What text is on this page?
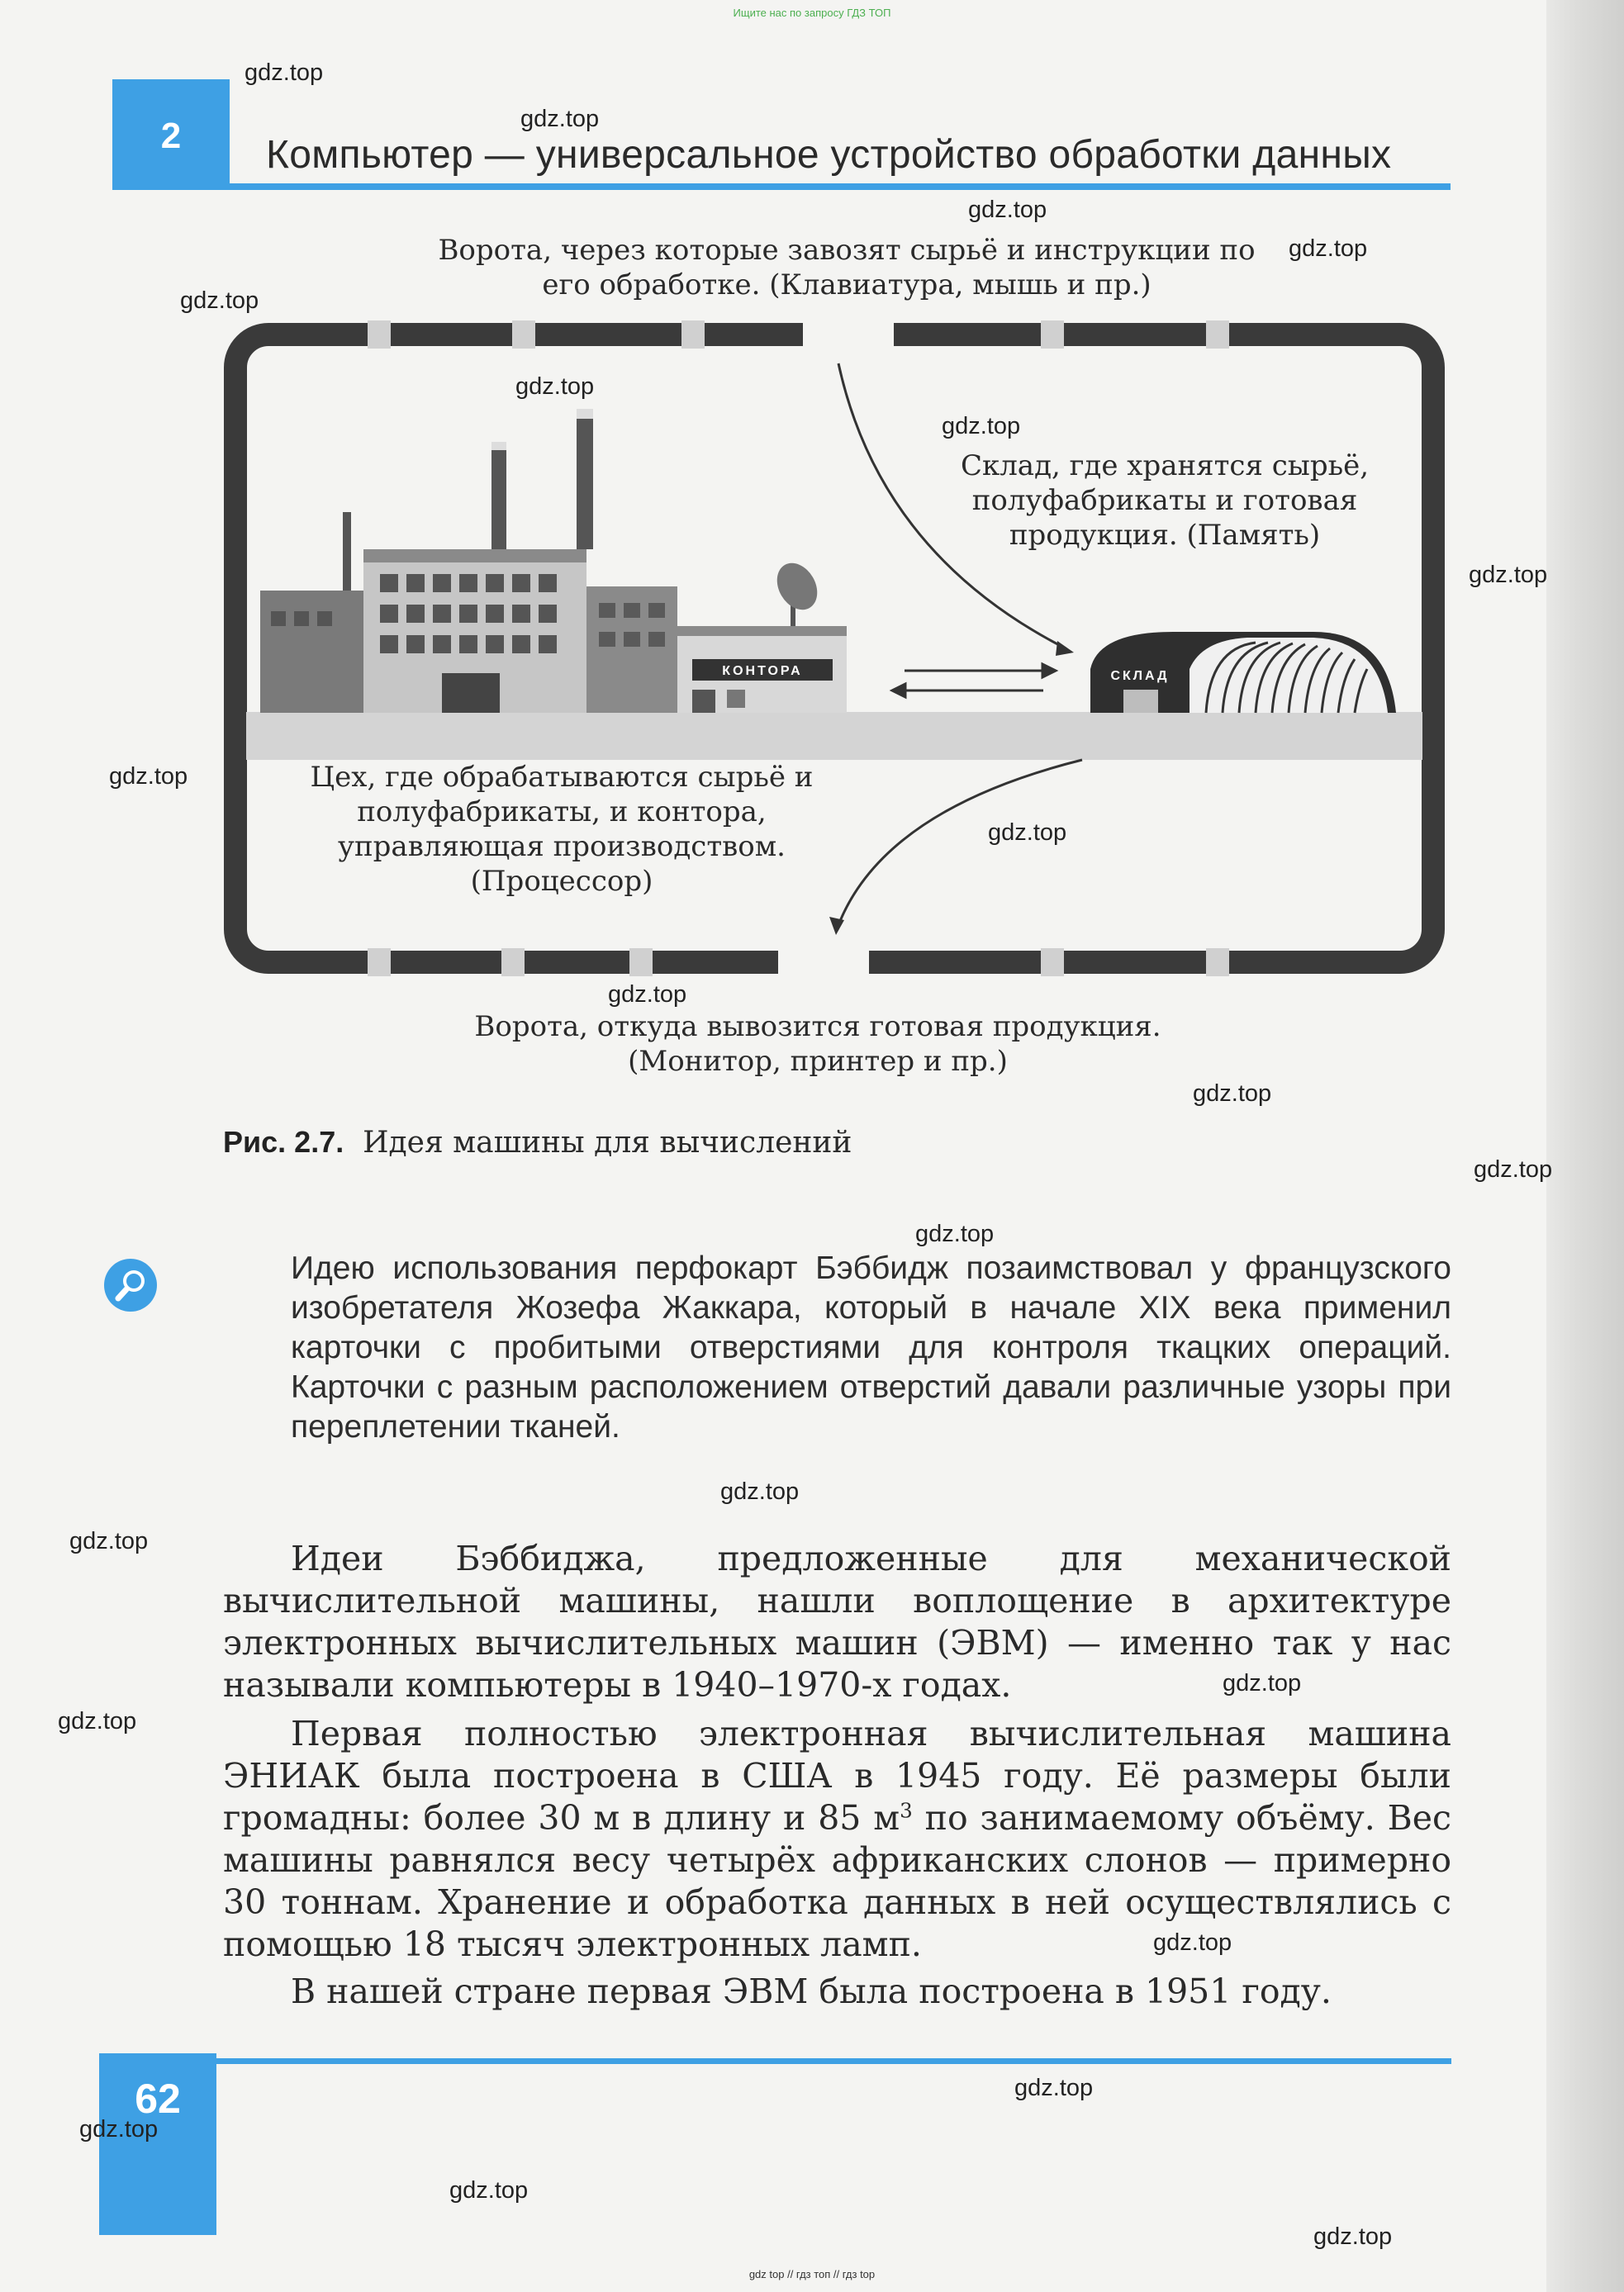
Ищите нас по запросу ГДЗ ТОП
2	Компьютер — универсальное устройство обработки данных
КОНТОРА	СКЛАД
Ворота, через которые завозят сырьё и инструкции по его обработке. (Клавиатура, мышь и пр.)
Склад, где хранятся сырьё, полуфабрикаты и готовая продукция. (Память)
Цех, где обрабатываются сырьё и полуфабрикаты, и контора, управляющая производством. (Процессор)
Ворота, откуда вывозится готовая продукция. (Монитор, принтер и пр.)
Рис. 2.7. Идея машины для вычислений
Идею использования перфокарт Бэббидж позаимствовал у французского изобретателя Жозефа Жаккара, который в начале XIX века применил карточки с пробитыми отверстиями для контроля ткацких операций. Карточки с разным расположением отверстий давали различные узоры при переплетении тканей.
Идеи Бэббиджа, предложенные для механической вычислительной машины, нашли воплощение в архитектуре электронных вычислительных машин (ЭВМ) — именно так у нас называли компьютеры в 1940–1970-х годах.
Первая полностью электронная вычислительная машина ЭНИАК была построена в США в 1945 году. Её размеры были громадны: более 30 м в длину и 85 $м^3$ по занимаемому объёму. Вес машины равнялся весу четырёх африканских слонов — примерно 30 тоннам. Хранение и обработка данных в ней осуществлялись с помощью 18 тысяч электронных ламп.
В нашей стране первая ЭВМ была построена в 1951 году.
62
gdz.top
gdz.top
gdz.top
gdz.top
gdz.top
gdz.top
gdz.top
gdz.top
gdz.top
gdz.top
gdz.top
gdz.top
gdz.top
gdz.top
gdz.top
gdz.top
gdz.top
gdz.top
gdz.top
gdz.top
gdz.top
gdz.top
gdz.top
gdz top // гдз топ // гдз top
